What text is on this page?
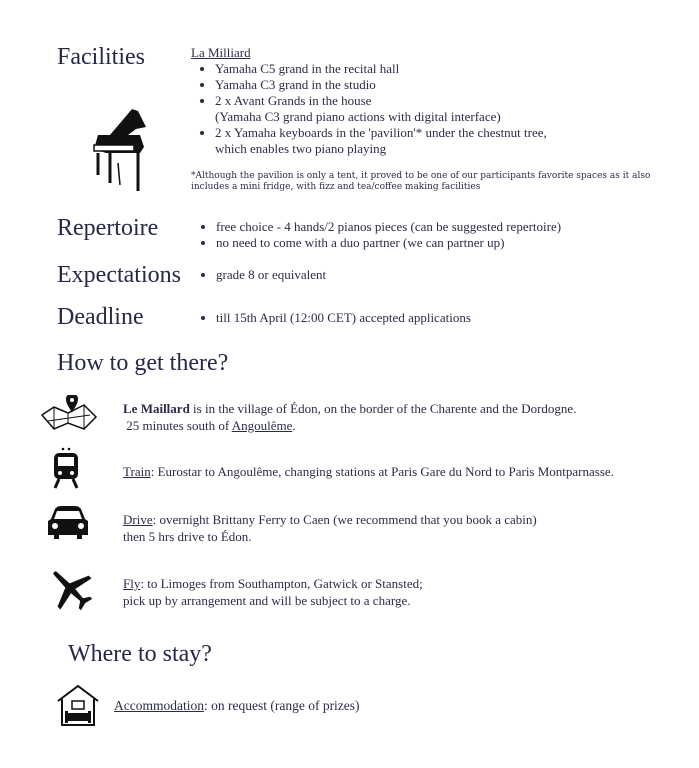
Facilities	La Milliard
• Yamaha C5 grand in the recital hall
• Yamaha C3 grand in the studio
• 2 x Avant Grands in the house
(Yamaha C3 grand piano actions with digital interface)
• 2 x Yamaha keyboards in the 'pavilion'* under the chestnut tree,
which enables two piano playing
*Although the pavilion is only a tent, it proved to be one of our participants favorite spaces as it also includes a mini fridge, with fizz and tea/coffee making facilities
Repertoire	• free choice - 4 hands/2 pianos pieces (can be suggested repertoire)
• no need to come with a duo partner (we can partner up)
Expectations	• grade 8 or equivalent
Deadline	• till 15th April (12:00 CET) accepted applications
How to get there?
Le Maillard is in the village of Édon, on the border of the Charente and the Dordogne.
25 minutes south of Angoulême.
Train: Eurostar to Angoulême, changing stations at Paris Gare du Nord to Paris Montparnasse.
Drive: overnight Brittany Ferry to Caen (we recommend that you book a cabin)
then 5 hrs drive to Édon.
Fly: to Limoges from Southampton, Gatwick or Stansted;
pick up by arrangement and will be subject to a charge.
Where to stay?
Accommodation: on request (range of prizes)
